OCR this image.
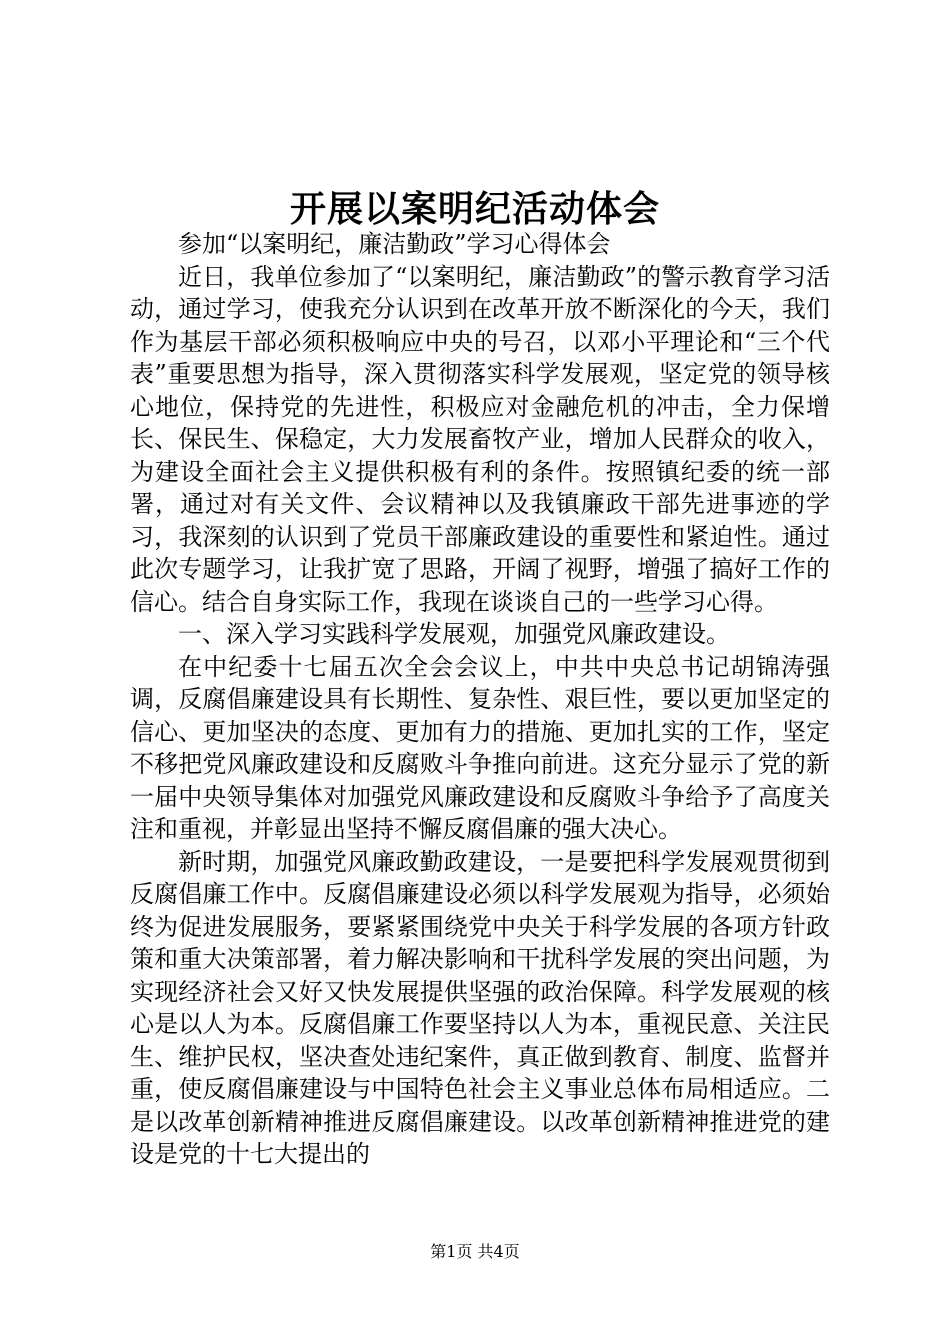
开展以案明纪活动体会

参加“以案明纪，廉洁勤政”学习心得体会

近日，我单位参加了“以案明纪，廉洁勤政”的警示教育学习活动，通过学习，使我充分认识到在改革开放不断深化的今天，我们作为基层干部必须积极响应中央的号召，以邓小平理论和“三个代表”重要思想为指导，深入贯彻落实科学发展观，坚定党的领导核心地位，保持党的先进性，积极应对金融危机的冲击，全力保增长、保民生、保稳定，大力发展畜牧产业，增加人民群众的收入，为建设全面社会主义提供积极有利的条件。按照镇纪委的统一部署，通过对有关文件、会议精神以及我镇廉政干部先进事迹的学习，我深刻的认识到了党员干部廉政建设的重要性和紧迫性。通过此次专题学习，让我扩宽了思路，开阔了视野，增强了搞好工作的信心。结合自身实际工作，我现在谈谈自己的一些学习心得。

一、深入学习实践科学发展观，加强党风廉政建设。

在中纪委十七届五次全会会议上，中共中央总书记胡锦涛强调，反腐倡廉建设具有长期性、复杂性、艰巨性，要以更加坚定的信心、更加坚决的态度、更加有力的措施、更加扎实的工作，坚定不移把党风廉政建设和反腐败斗争推向前进。这充分显示了党的新一届中央领导集体对加强党风廉政建设和反腐败斗争给予了高度关注和重视，并彰显出坚持不懈反腐倡廉的强大决心。

新时期，加强党风廉政勤政建设，一是要把科学发展观贯彻到反腐倡廉工作中。反腐倡廉建设必须以科学发展观为指导，必须始终为促进发展服务，要紧紧围绕党中央关于科学发展的各项方针政策和重大决策部署，着力解决影响和干扰科学发展的突出问题，为实现经济社会又好又快发展提供坚强的政治保障。科学发展观的核心是以人为本。反腐倡廉工作要坚持以人为本，重视民意、关注民生、维护民权，坚决查处违纪案件，真正做到教育、制度、监督并重，使反腐倡廉建设与中国特色社会主义事业总体布局相适应。二是以改革创新精神推进反腐倡廉建设。以改革创新精神推进党的建设是党的十七大提出的

第1页 共4页
